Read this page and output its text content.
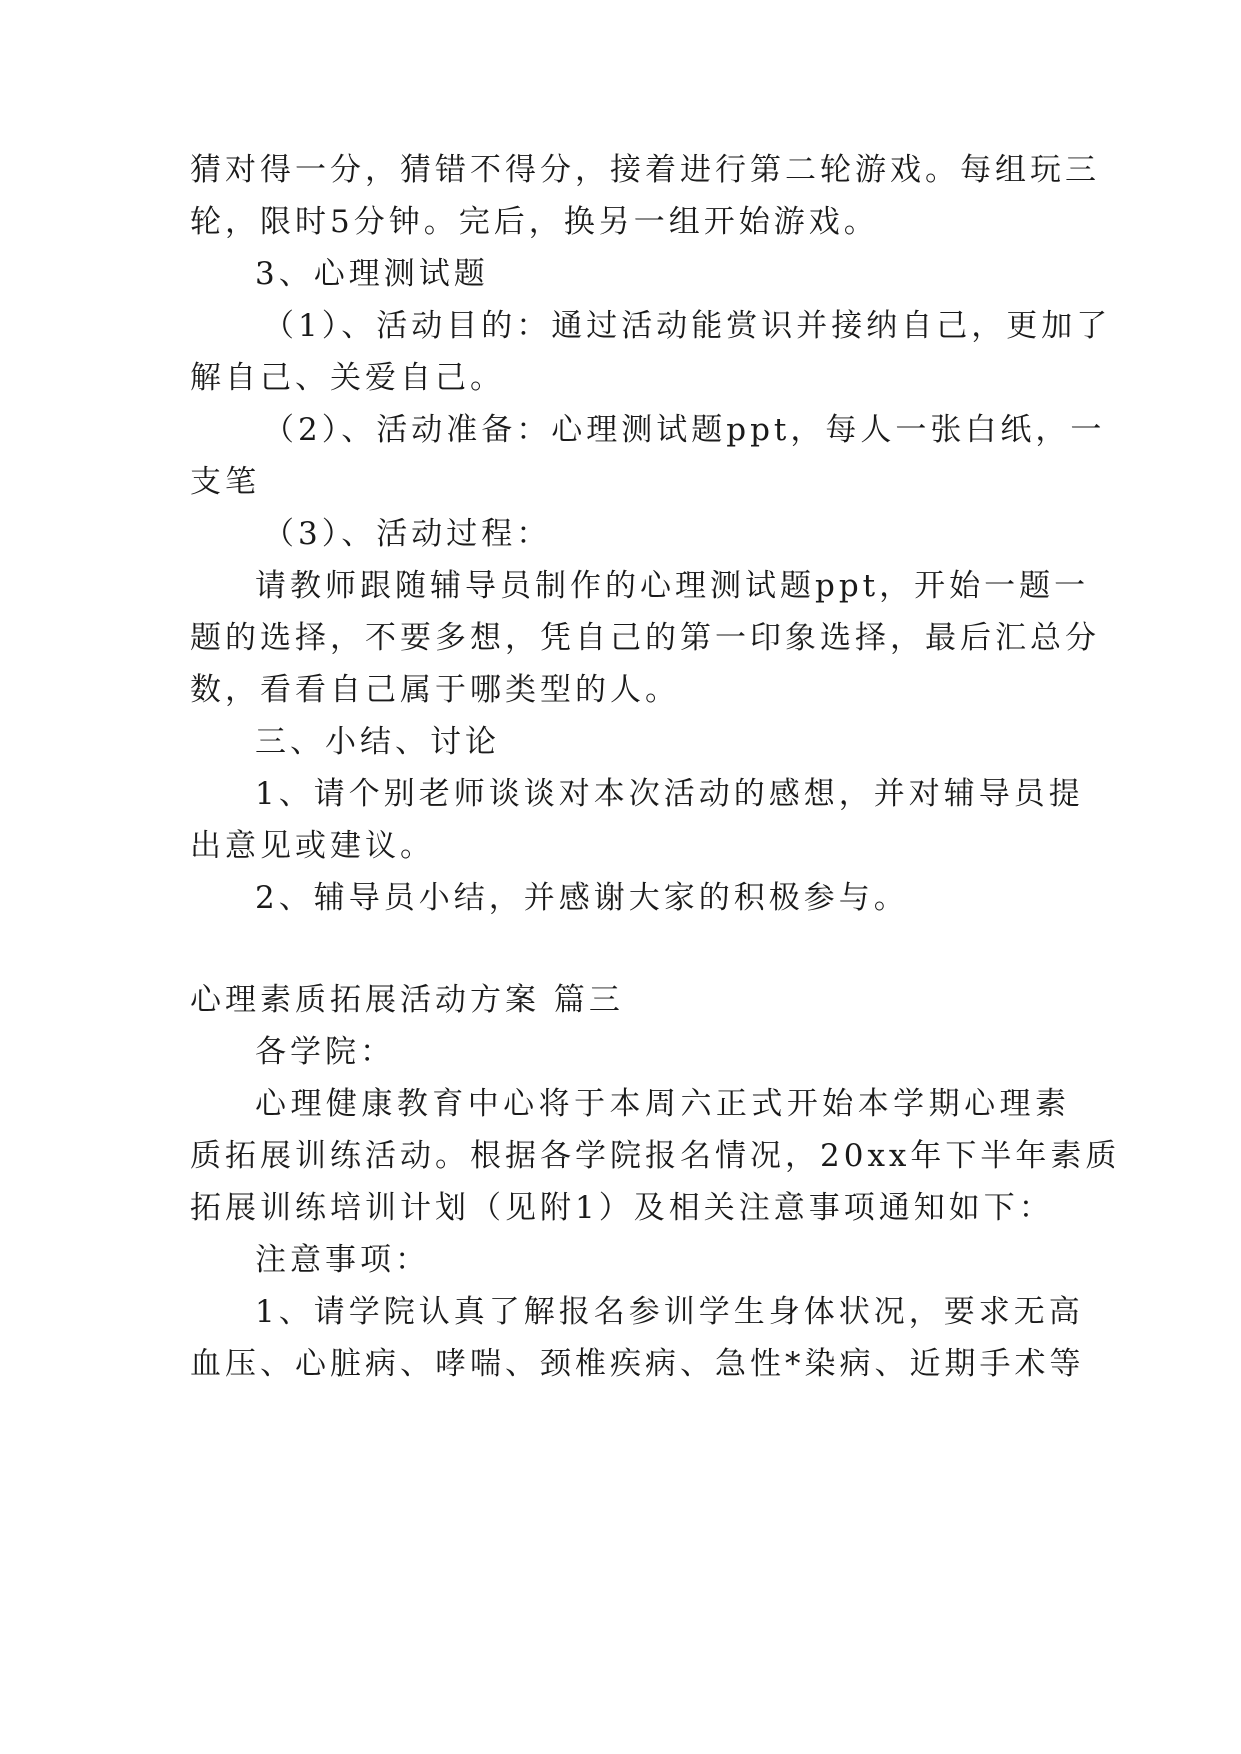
猜对得一分，猜错不得分，接着进行第二轮游戏。每组玩三
轮，限时5分钟。完后，换另一组开始游戏。
3、心理测试题
（1）、活动目的：通过活动能赏识并接纳自己，更加了
解自己、关爱自己。
（2）、活动准备：心理测试题ppt，每人一张白纸，一
支笔
（3）、活动过程：
请教师跟随辅导员制作的心理测试题ppt，开始一题一
题的选择，不要多想，凭自己的第一印象选择，最后汇总分
数，看看自己属于哪类型的人。
三、小结、讨论
1、请个别老师谈谈对本次活动的感想，并对辅导员提
出意见或建议。
2、辅导员小结，并感谢大家的积极参与。
心理素质拓展活动方案 篇三
各学院：
心理健康教育中心将于本周六正式开始本学期心理素
质拓展训练活动。根据各学院报名情况，20xx年下半年素质
拓展训练培训计划（见附1）及相关注意事项通知如下：
注意事项：
1、请学院认真了解报名参训学生身体状况，要求无高
血压、心脏病、哮喘、颈椎疾病、急性*染病、近期手术等
